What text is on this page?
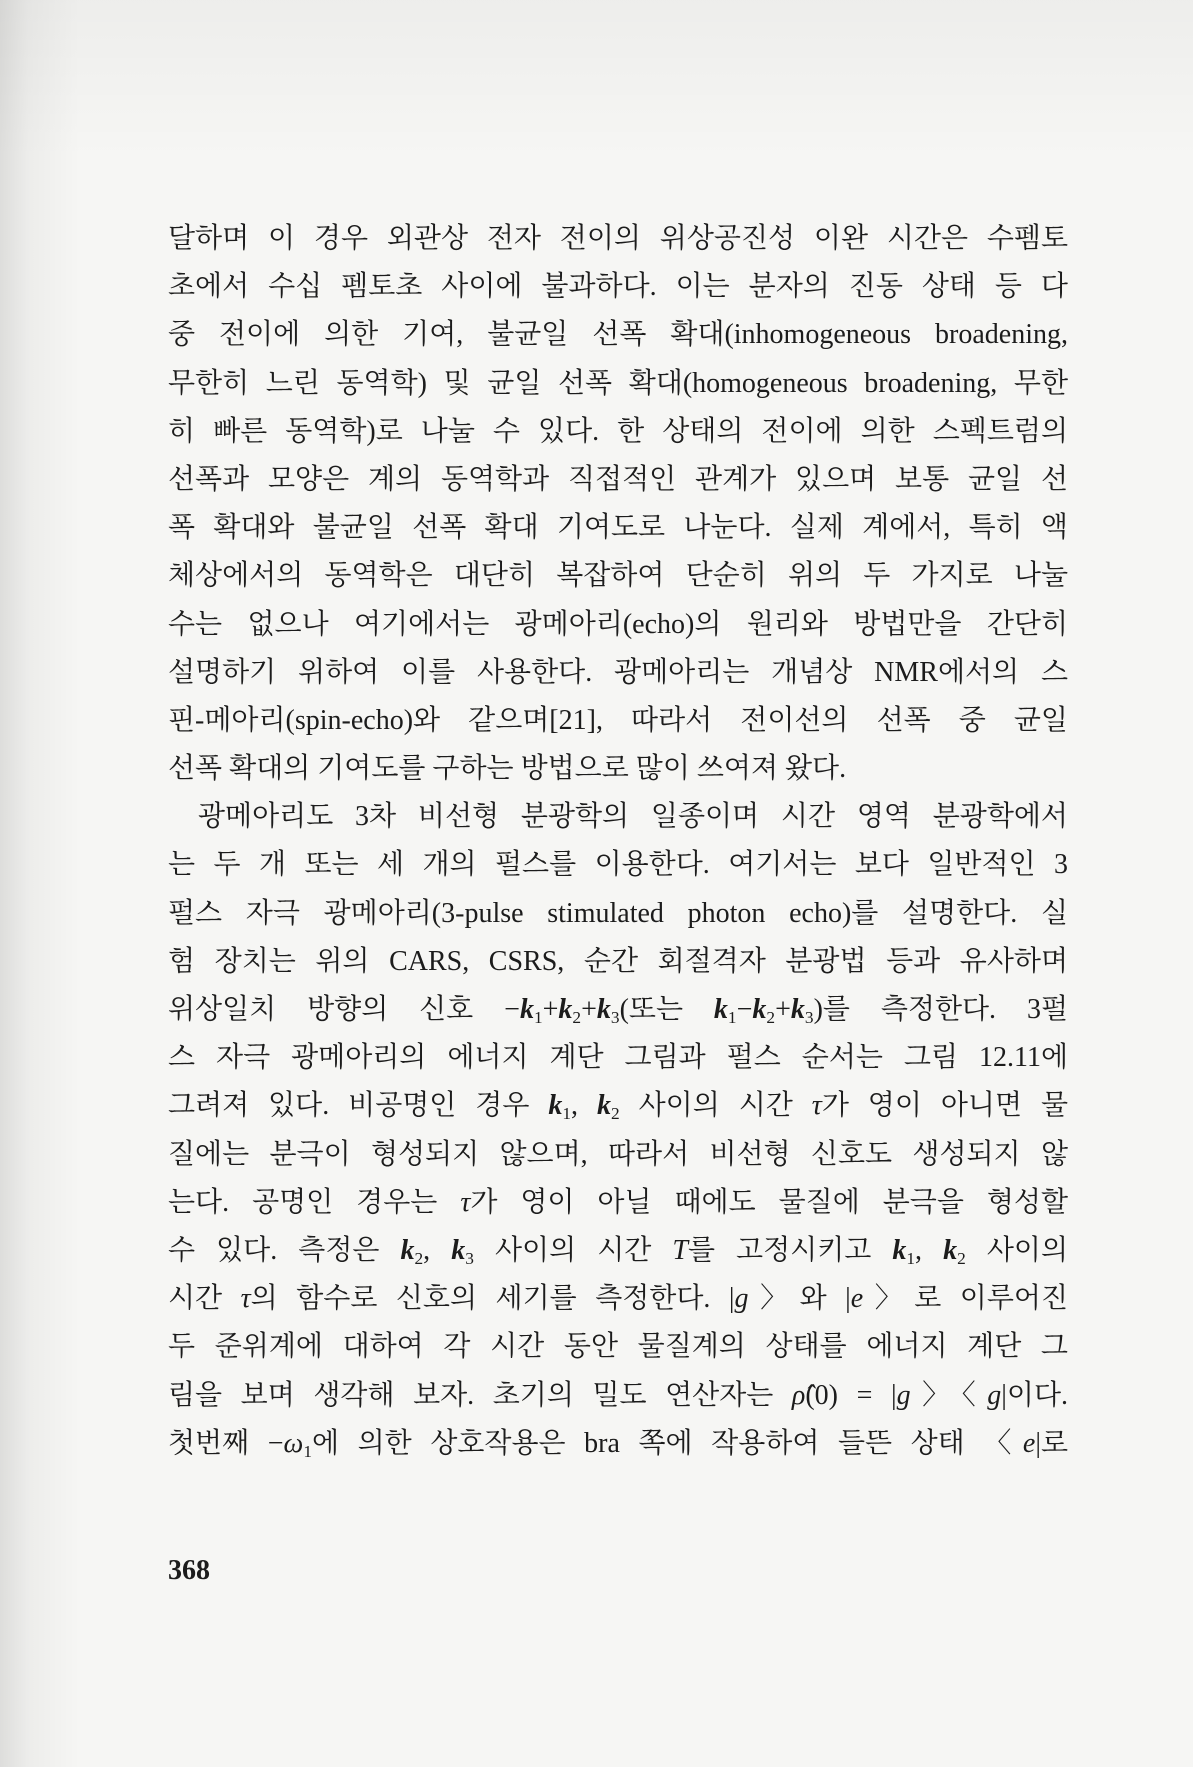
달하며 이 경우 외관상 전자 전이의 위상공진성 이완 시간은 수펨토
초에서 수십 펨토초 사이에 불과하다. 이는 분자의 진동 상태 등 다
중 전이에 의한 기여, 불균일 선폭 확대(inhomogeneous broadening,
무한히 느린 동역학) 및 균일 선폭 확대(homogeneous broadening, 무한
히 빠른 동역학)로 나눌 수 있다. 한 상태의 전이에 의한 스펙트럼의
선폭과 모양은 계의 동역학과 직접적인 관계가 있으며 보통 균일 선
폭 확대와 불균일 선폭 확대 기여도로 나눈다. 실제 계에서, 특히 액
체상에서의 동역학은 대단히 복잡하여 단순히 위의 두 가지로 나눌
수는 없으나 여기에서는 광메아리(echo)의 원리와 방법만을 간단히
설명하기 위하여 이를 사용한다. 광메아리는 개념상 NMR에서의 스
핀-메아리(spin-echo)와 같으며[21], 따라서 전이선의 선폭 중 균일
선폭 확대의 기여도를 구하는 방법으로 많이 쓰여져 왔다.
광메아리도 3차 비선형 분광학의 일종이며 시간 영역 분광학에서
는 두 개 또는 세 개의 펄스를 이용한다. 여기서는 보다 일반적인 3
펄스 자극 광메아리(3-pulse stimulated photon echo)를 설명한다. 실
험 장치는 위의 CARS, CSRS, 순간 회절격자 분광법 등과 유사하며
위상일치 방향의 신호 $-k_1+k_2+k_3$(또는 $k_1-k_2+k_3$)를 측정한다. 3펄
스 자극 광메아리의 에너지 계단 그림과 펄스 순서는 그림 12.11에
그려져 있다. 비공명인 경우 $k_1$, $k_2$ 사이의 시간 τ가 영이 아니면 물
질에는 분극이 형성되지 않으며, 따라서 비선형 신호도 생성되지 않
는다. 공명인 경우는 τ가 영이 아닐 때에도 물질에 분극을 형성할
수 있다. 측정은 $k_2$, $k_3$ 사이의 시간 T를 고정시키고 $k_1$, $k_2$ 사이의
시간 τ의 함수로 신호의 세기를 측정한다. |g〉와 |e〉로 이루어진
두 준위계에 대하여 각 시간 동안 물질계의 상태를 에너지 계단 그
림을 보며 생각해 보자. 초기의 밀도 연산자는 ρ̂(0) = |g〉〈g|이다.
첫번째 $-\omega_1$에 의한 상호작용은 bra 쪽에 작용하여 들뜬 상태 〈e|로
368
